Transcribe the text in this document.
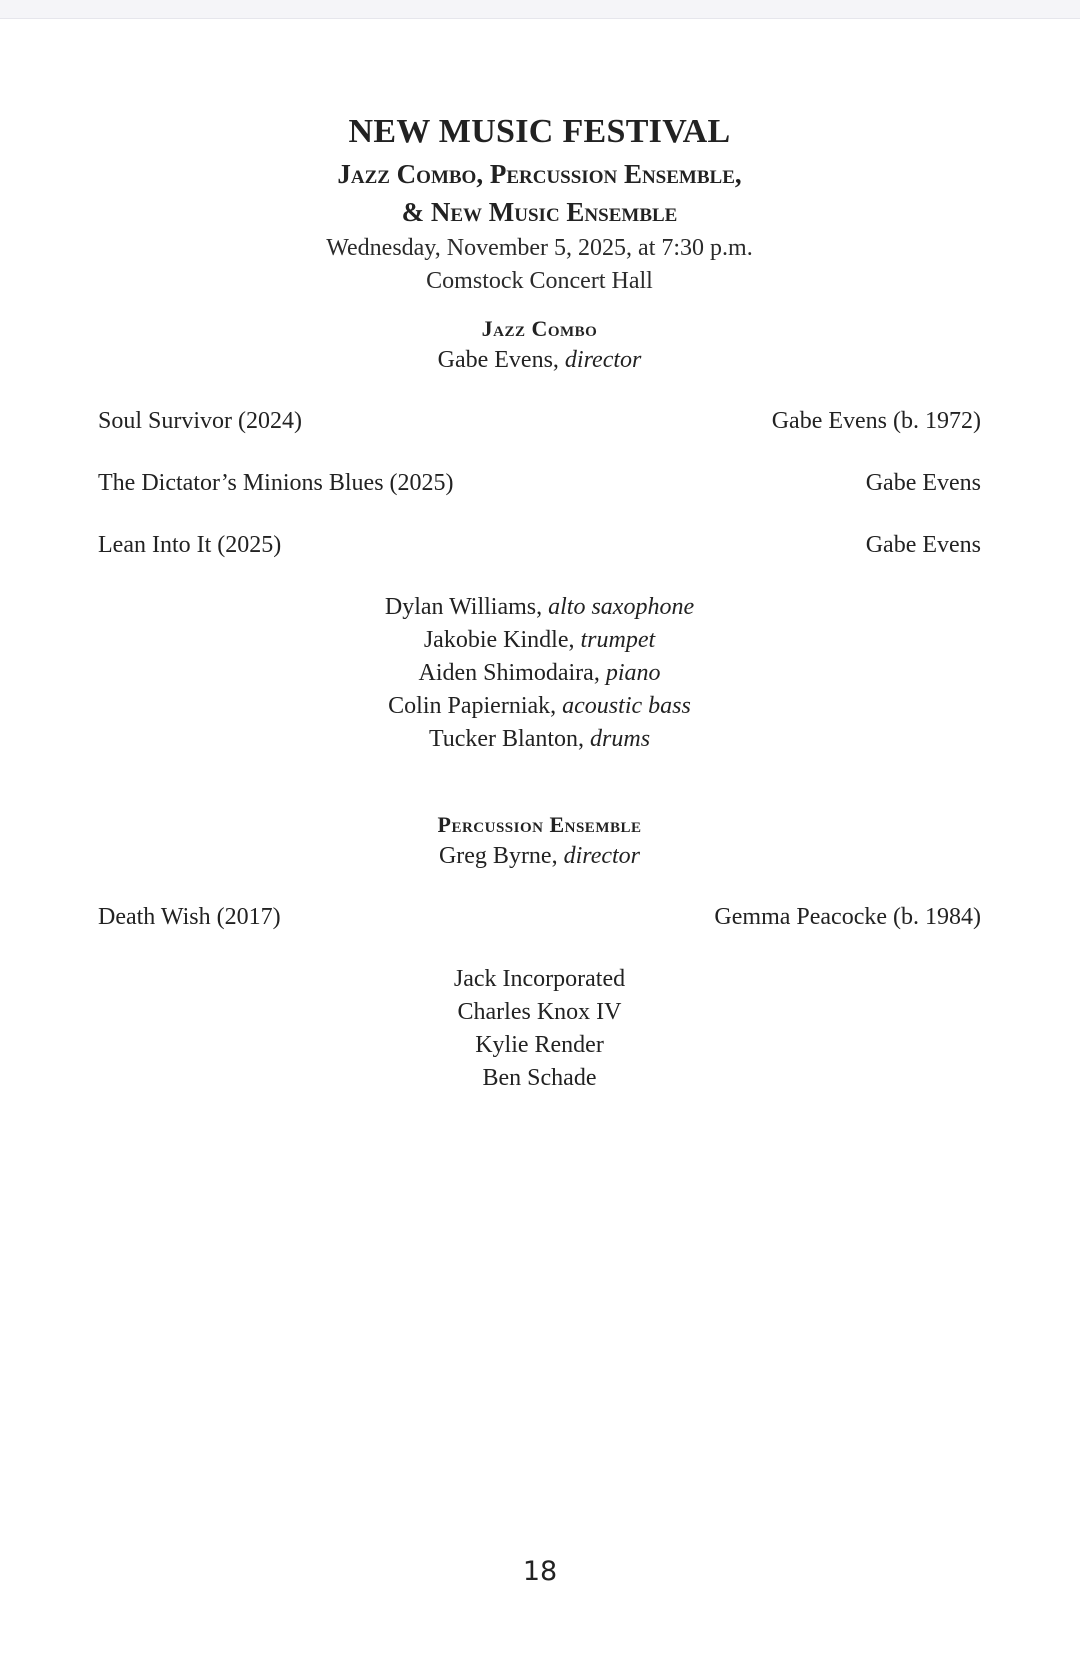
NEW MUSIC FESTIVAL
Jazz Combo, Percussion Ensemble,
& New Music Ensemble
Wednesday, November 5, 2025, at 7:30 p.m.
Comstock Concert Hall
Jazz Combo
Gabe Evens, director
Soul Survivor (2024)	Gabe Evens (b. 1972)
The Dictator’s Minions Blues (2025)	Gabe Evens
Lean Into It (2025)	Gabe Evens
Dylan Williams, alto saxophone
Jakobie Kindle, trumpet
Aiden Shimodaira, piano
Colin Papierniak, acoustic bass
Tucker Blanton, drums
Percussion Ensemble
Greg Byrne, director
Death Wish (2017)	Gemma Peacocke (b. 1984)
Jack Incorporated
Charles Knox IV
Kylie Render
Ben Schade
18
